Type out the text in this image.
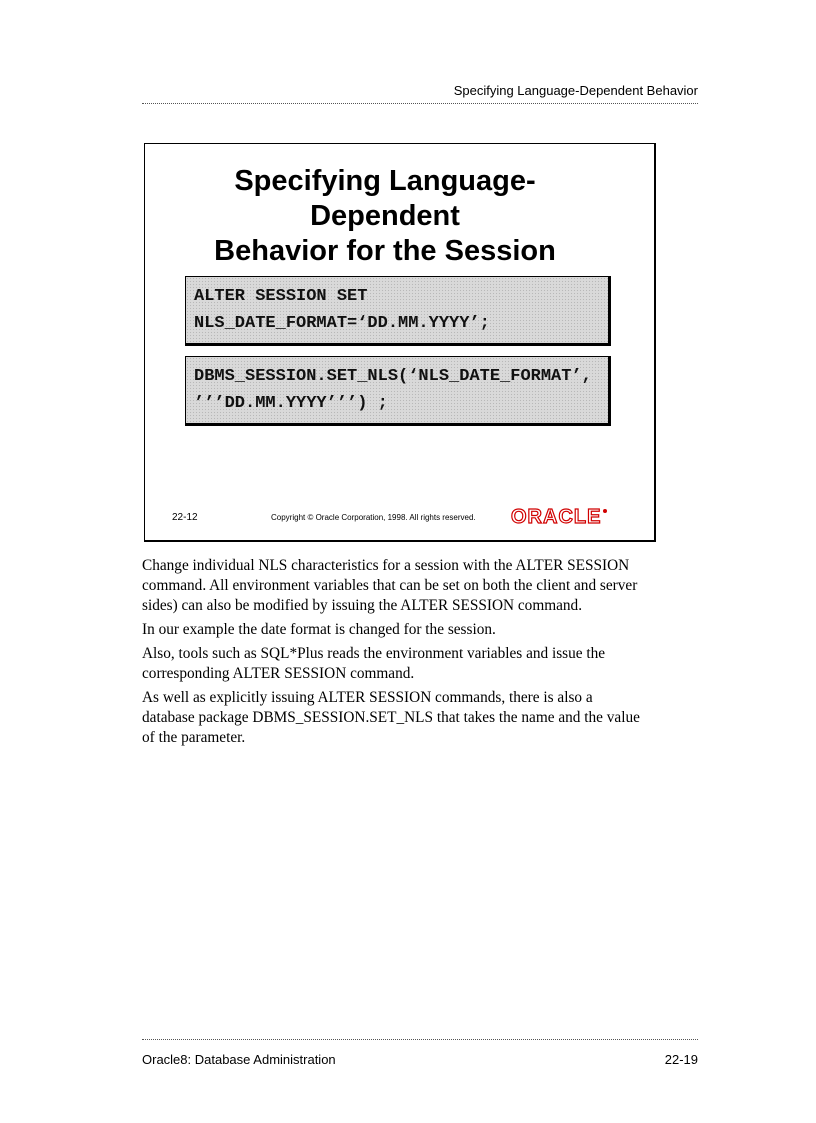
Specifying Language-Dependent Behavior
Specifying Language-Dependent
Behavior for the Session
ALTER SESSION SET
NLS_DATE_FORMAT=‘DD.MM.YYYY’;
DBMS_SESSION.SET_NLS(‘NLS_DATE_FORMAT’,
’’’DD.MM.YYYY’’’) ;
22-12	Copyright © Oracle Corporation, 1998. All rights reserved. ORACLE

Change individual NLS characteristics for a session with the ALTER SESSION command. All environment variables that can be set on both the client and server sides) can also be modified by issuing the ALTER SESSION command.

In our example the date format is changed for the session.

Also, tools such as SQL*Plus reads the environment variables and issue the corresponding ALTER SESSION command.

As well as explicitly issuing ALTER SESSION commands, there is also a database package DBMS_SESSION.SET_NLS that takes the name and the value of the parameter.

Oracle8: Database Administration	22-19
